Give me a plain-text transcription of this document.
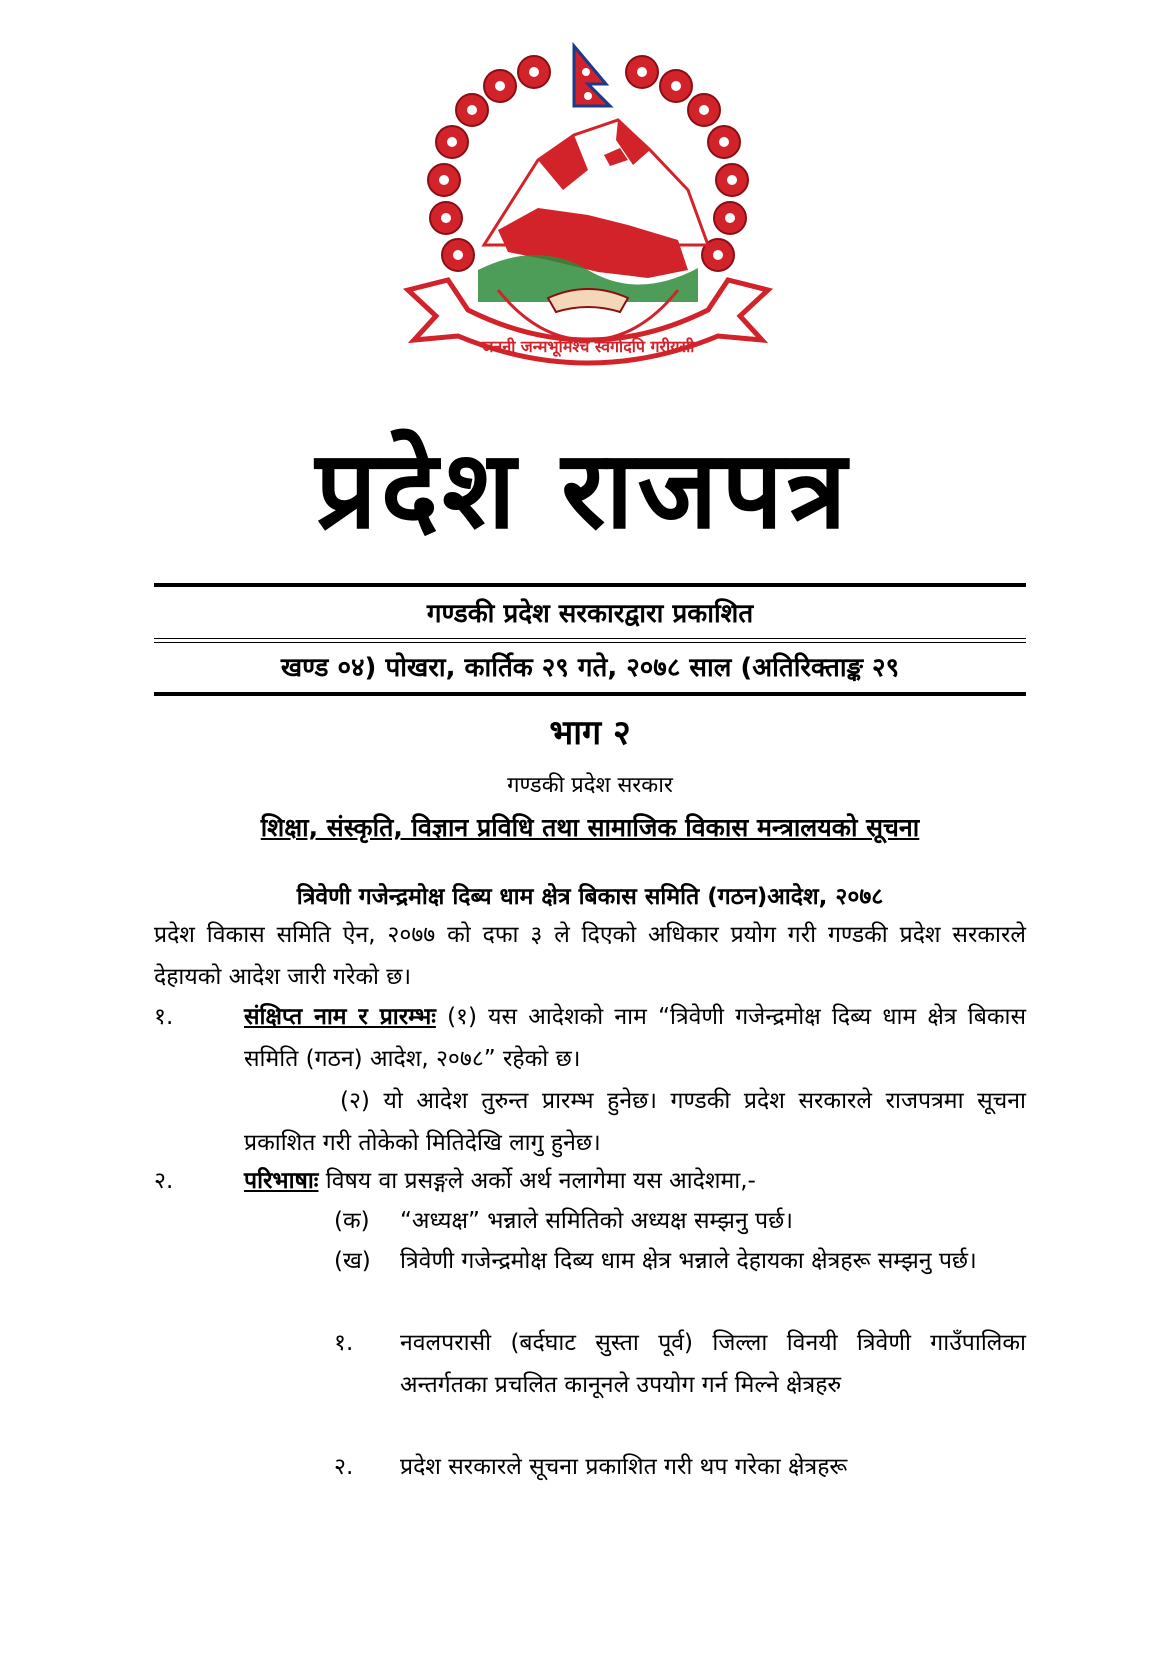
जननी जन्मभूमिश्च स्वर्गादपि गरीयसी
प्रदेश राजपत्र
गण्डकी प्रदेश सरकारद्वारा प्रकाशित
खण्ड ०४) पोखरा, कार्तिक २९ गते, २०७८ साल (अतिरिक्ताङ्क २९
भाग २
गण्डकी प्रदेश सरकार
शिक्षा, संस्कृति, विज्ञान प्रविधि तथा सामाजिक विकास मन्त्रालयको सूचना
त्रिवेणी गजेन्द्रमोक्ष दिब्य धाम क्षेत्र बिकास समिति (गठन)आदेश, २०७८
प्रदेश विकास समिति ऐन, २०७७ को दफा ३ ले दिएको अधिकार प्रयोग गरी गण्डकी प्रदेश सरकारले देहायको आदेश जारी गरेको छ।
१.	संक्षिप्त नाम र प्रारम्भः (१) यस आदेशको नाम “त्रिवेणी गजेन्द्रमोक्ष दिब्य धाम क्षेत्र बिकास समिति (गठन) आदेश, २०७८” रहेको छ।
(२) यो आदेश तुरुन्त प्रारम्भ हुनेछ। गण्डकी प्रदेश सरकारले राजपत्रमा सूचना प्रकाशित गरी तोकेको मितिदेखि लागु हुनेछ।
२.	परिभाषाः विषय वा प्रसङ्गले अर्को अर्थ नलागेमा यस आदेशमा,-
(क) “अध्यक्ष” भन्नाले समितिको अध्यक्ष सम्झनु पर्छ।
(ख) त्रिवेणी गजेन्द्रमोक्ष दिब्य धाम क्षेत्र भन्नाले देहायका क्षेत्रहरू सम्झनु पर्छ।
१. नवलपरासी (बर्दघाट सुस्ता पूर्व) जिल्ला विनयी त्रिवेणी गाउँपालिका अन्तर्गतका प्रचलित कानूनले उपयोग गर्न मिल्ने क्षेत्रहरु
२. प्रदेश सरकारले सूचना प्रकाशित गरी थप गरेका क्षेत्रहरू
